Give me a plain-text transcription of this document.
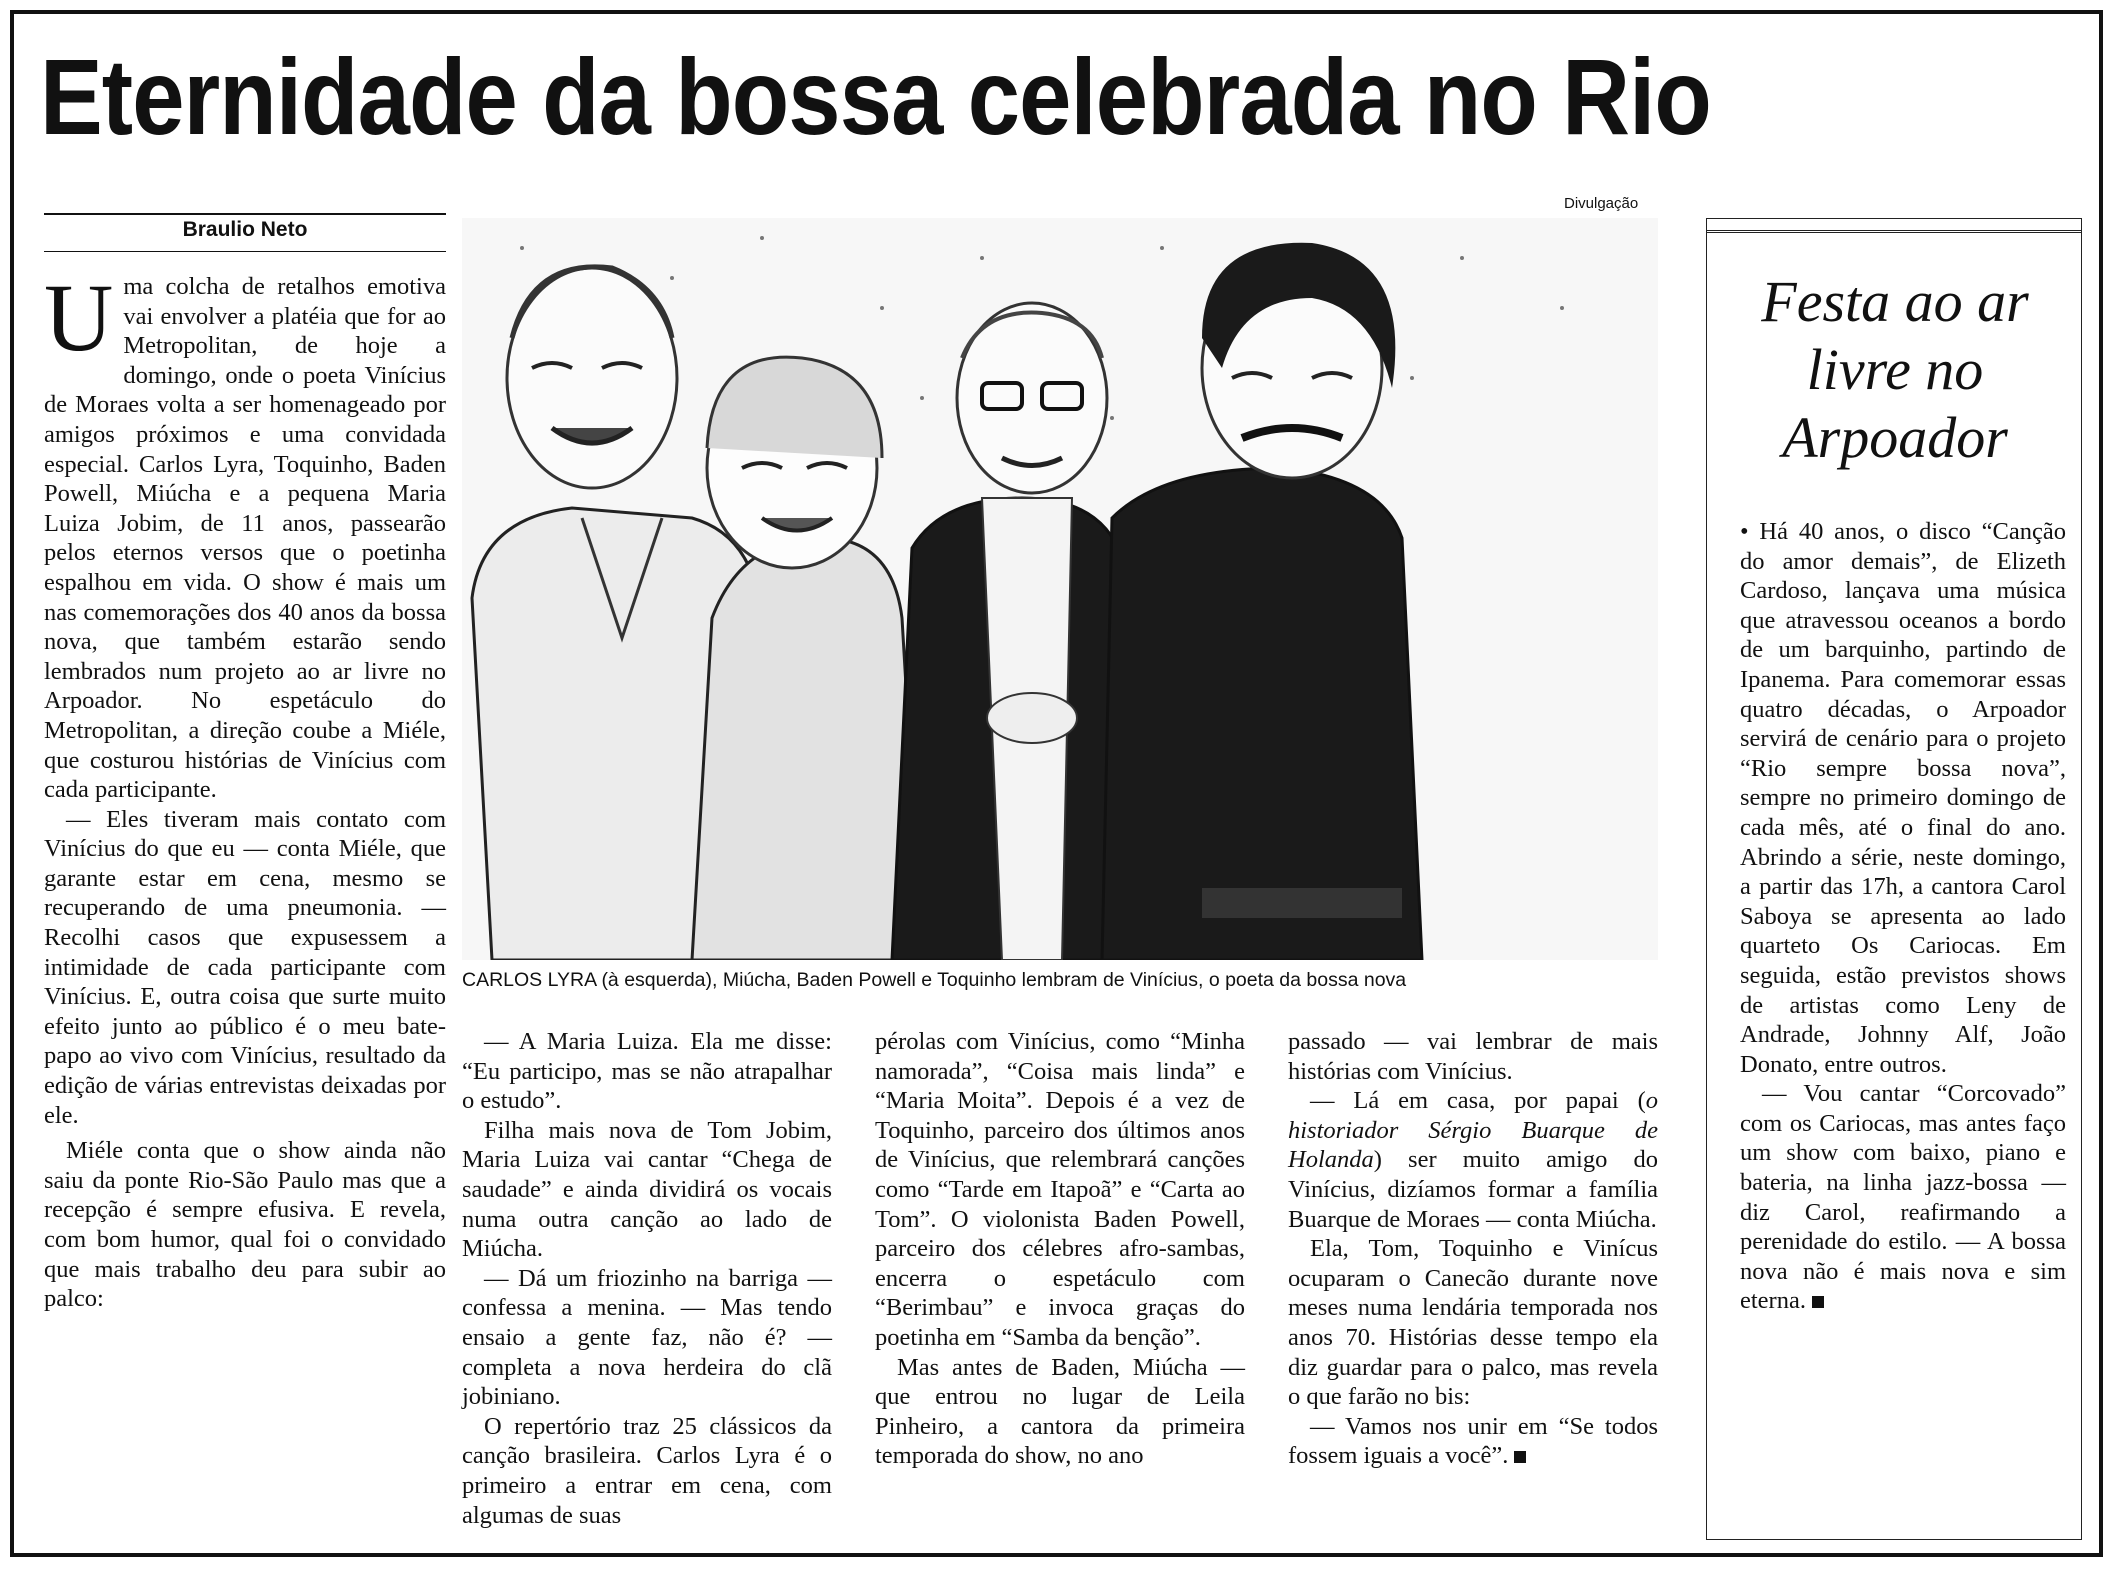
Eternidade da bossa celebrada no Rio
Braulio Neto

Uma colcha de retalhos emotiva vai envolver a platéia que for ao Metropolitan, de hoje a domingo, onde o poeta Vinícius de Moraes volta a ser homenageado por amigos próximos e uma convidada especial. Carlos Lyra, Toquinho, Baden Powell, Miúcha e a pequena Maria Luiza Jobim, de 11 anos, passearão pelos eternos versos que o poetinha espalhou em vida. O show é mais um nas comemorações dos 40 anos da bossa nova, que também estarão sendo lembrados num projeto ao ar livre no Arpoador. No espetáculo do Metropolitan, a direção coube a Miéle, que costurou histórias de Vinícius com cada participante.

— Eles tiveram mais contato com Vinícius do que eu — conta Miéle, que garante estar em cena, mesmo se recuperando de uma pneumonia. — Recolhi casos que expusessem a intimidade de cada participante com Vinícius. E, outra coisa que surte muito efeito junto ao público é o meu bate-papo ao vivo com Vinícius, resultado da edição de várias entrevistas deixadas por ele.

Miéle conta que o show ainda não saiu da ponte Rio-São Paulo mas que a recepção é sempre efusiva. E revela, com bom humor, qual foi o convidado que mais trabalho deu para subir ao palco:

Divulgação
CARLOS LYRA (à esquerda), Miúcha, Baden Powell e Toquinho lembram de Vinícius, o poeta da bossa nova

— A Maria Luiza. Ela me disse: “Eu participo, mas se não atrapalhar o estudo”.

Filha mais nova de Tom Jobim, Maria Luiza vai cantar “Chega de saudade” e ainda dividirá os vocais numa outra canção ao lado de Miúcha.

— Dá um friozinho na barriga — confessa a menina. — Mas tendo ensaio a gente faz, não é? — completa a nova herdeira do clã jobiniano.

O repertório traz 25 clássicos da canção brasileira. Carlos Lyra é o primeiro a entrar em cena, com algumas de suas

pérolas com Vinícius, como “Minha namorada”, “Coisa mais linda” e “Maria Moita”. Depois é a vez de Toquinho, parceiro dos últimos anos de Vinícius, que relembrará canções como “Tarde em Itapoã” e “Carta ao Tom”. O violonista Baden Powell, parceiro dos célebres afro-sambas, encerra o espetáculo com “Berimbau” e invoca graças do poetinha em “Samba da benção”.

Mas antes de Baden, Miúcha — que entrou no lugar de Leila Pinheiro, a cantora da primeira temporada do show, no ano

passado — vai lembrar de mais histórias com Vinícius.

— Lá em casa, por papai (o historiador Sérgio Buarque de Holanda) ser muito amigo do Vinícius, dizíamos formar a família Buarque de Moraes — conta Miúcha.

Ela, Tom, Toquinho e Vinícus ocuparam o Canecão durante nove meses numa lendária temporada nos anos 70. Histórias desse tempo ela diz guardar para o palco, mas revela o que farão no bis:

— Vamos nos unir em “Se todos fossem iguais a você”.

Festa ao ar livre no Arpoador

• Há 40 anos, o disco “Canção do amor demais”, de Elizeth Cardoso, lançava uma música que atravessou oceanos a bordo de um barquinho, partindo de Ipanema. Para comemorar essas quatro décadas, o Arpoador servirá de cenário para o projeto “Rio sempre bossa nova”, sempre no primeiro domingo de cada mês, até o final do ano. Abrindo a série, neste domingo, a partir das 17h, a cantora Carol Saboya se apresenta ao lado quarteto Os Cariocas. Em seguida, estão previstos shows de artistas como Leny de Andrade, Johnny Alf, João Donato, entre outros.

— Vou cantar “Corcovado” com os Cariocas, mas antes faço um show com baixo, piano e bateria, na linha jazz-bossa — diz Carol, reafirmando a perenidade do estilo. — A bossa nova não é mais nova e sim eterna.
